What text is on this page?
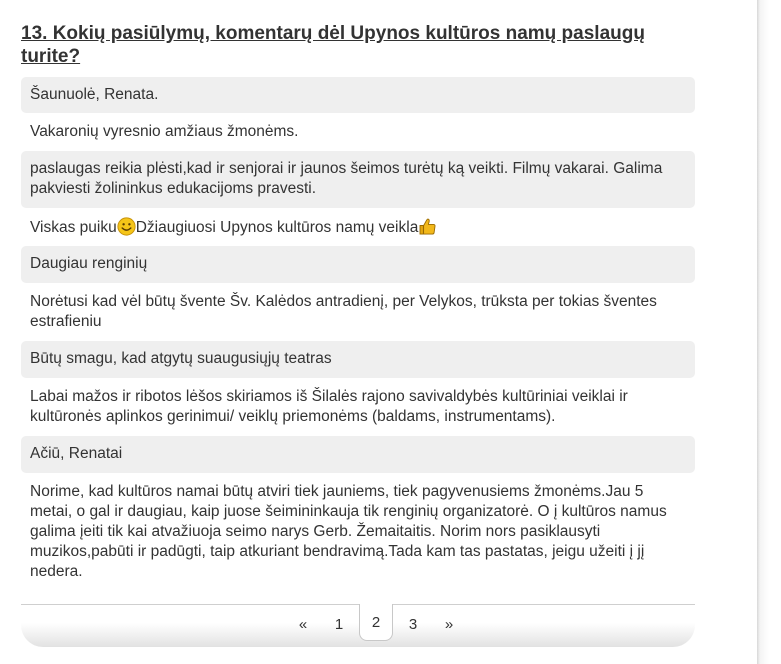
13. Kokių pasiūlymų, komentarų dėl Upynos kultūros namų paslaugų turite?
Šaunuolė, Renata.
Vakaronių vyresnio amžiaus žmonėms.
paslaugas reikia plėsti,kad ir senjorai ir jaunos šeimos turėtų ką veikti. Filmų vakarai. Galima pakviesti žolininkus edukacijoms pravesti.
Viskas puiku Džiaugiuosi Upynos kultūros namų veikla
Daugiau renginių
Norėtusi kad vėl būtų švente Šv. Kalėdos antradienį, per Velykos, trūksta per tokias šventes estrafieniu
Būtų smagu, kad atgytų suaugusiųjų teatras
Labai mažos ir ribotos lėšos skiriamos iš Šilalės rajono savivaldybės kultūriniai veiklai ir kultūronės aplinkos gerinimui/ veiklų priemonėms (baldams, instrumentams).
Ačiū, Renatai
Norime, kad kultūros namai būtų atviri tiek jauniems, tiek pagyvenusiems žmonėms.Jau 5 metai, o gal ir daugiau, kaip juose šeimininkauja tik renginių organizatorė. O į kultūros namus galima įeiti tik kai atvažiuoja seimo narys Gerb. Žemaitaitis. Norim nors pasiklausyti muzikos,pabūti ir padūgti, taip atkuriant bendravimą.Tada kam tas pastatas, jeigu užeiti į jį nedera.
«	1	2	3	»
